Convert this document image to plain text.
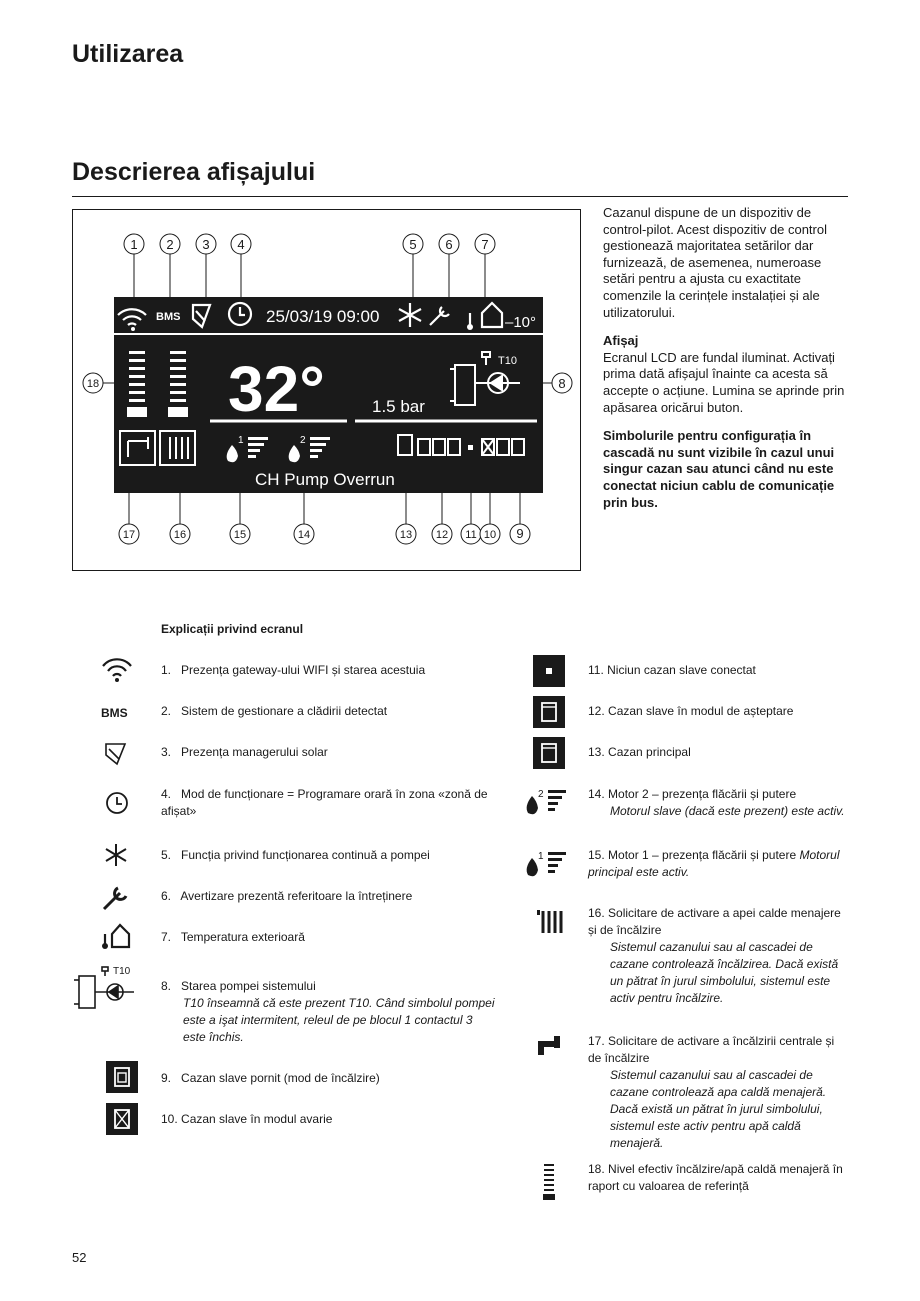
Utilizarea
Descrierea afișajului
1 2 3 4	5 6 7
BMS	25/03/19 09:00	–10°
32°	1.5 bar
T10
1	2
CH Pump Overrun
18	8
17	16	15	14	13 12 11 10 9

Cazanul dispune de un dispozitiv de control-pilot. Acest dispozitiv de control gestionează majoritatea setărilor dar furnizează, de asemenea, numeroase setări pentru a ajusta cu exactitate comenzile la cerințele instalației și ale utilizatorului.

Afișaj

Ecranul LCD are fundal iluminat. Activați prima dată afișajul înainte ca acesta să accepte o acțiune. Lumina se aprinde prin apăsarea oricărui buton.

Simbolurile pentru configurația în cascadă nu sunt vizibile în cazul unui singur cazan sau atunci când nu este conectat niciun cablu de comunicație prin bus.

Explicații privind ecranul
BMS
T10
2
1
1. Prezența gateway-ului WIFI și starea acestuia
2. Sistem de gestionare a clădirii detectat
3. Prezența managerului solar
4. Mod de funcționare = Programare orară în zona «zonă de afișat»
5. Funcția privind funcționarea continuă a pompei
6. Avertizare prezentă referitoare la întreținere
7. Temperatura exterioară
8. Starea pompei sistemului

T10 înseamnă că este prezent T10. Când simbolul pompei este a işat intermitent, releul de pe blocul 1 contactul 3 este închis.
9. Cazan slave pornit (mod de încălzire)
10. Cazan slave în modul avarie
11. Niciun cazan slave conectat
12. Cazan slave în modul de așteptare
13. Cazan principal
14. Motor 2 – prezența flăcării și putere

Motorul slave (dacă este prezent) este activ.
15. Motor 1 – prezența flăcării și putere Motorul principal este activ.
16. Solicitare de activare a apei calde menajere și de încălzire

Sistemul cazanului sau al cascadei de cazane controlează încălzirea. Dacă există un pătrat în jurul simbolului, sistemul este activ pentru încălzire.
17. Solicitare de activare a încălzirii centrale și de încălzire

Sistemul cazanului sau al cascadei de cazane controlează apa caldă menajeră. Dacă există un pătrat în jurul simbolului, sistemul este activ pentru apă caldă menajeră.
18. Nivel efectiv încălzire/apă caldă menajeră în raport cu valoarea de referință
52
